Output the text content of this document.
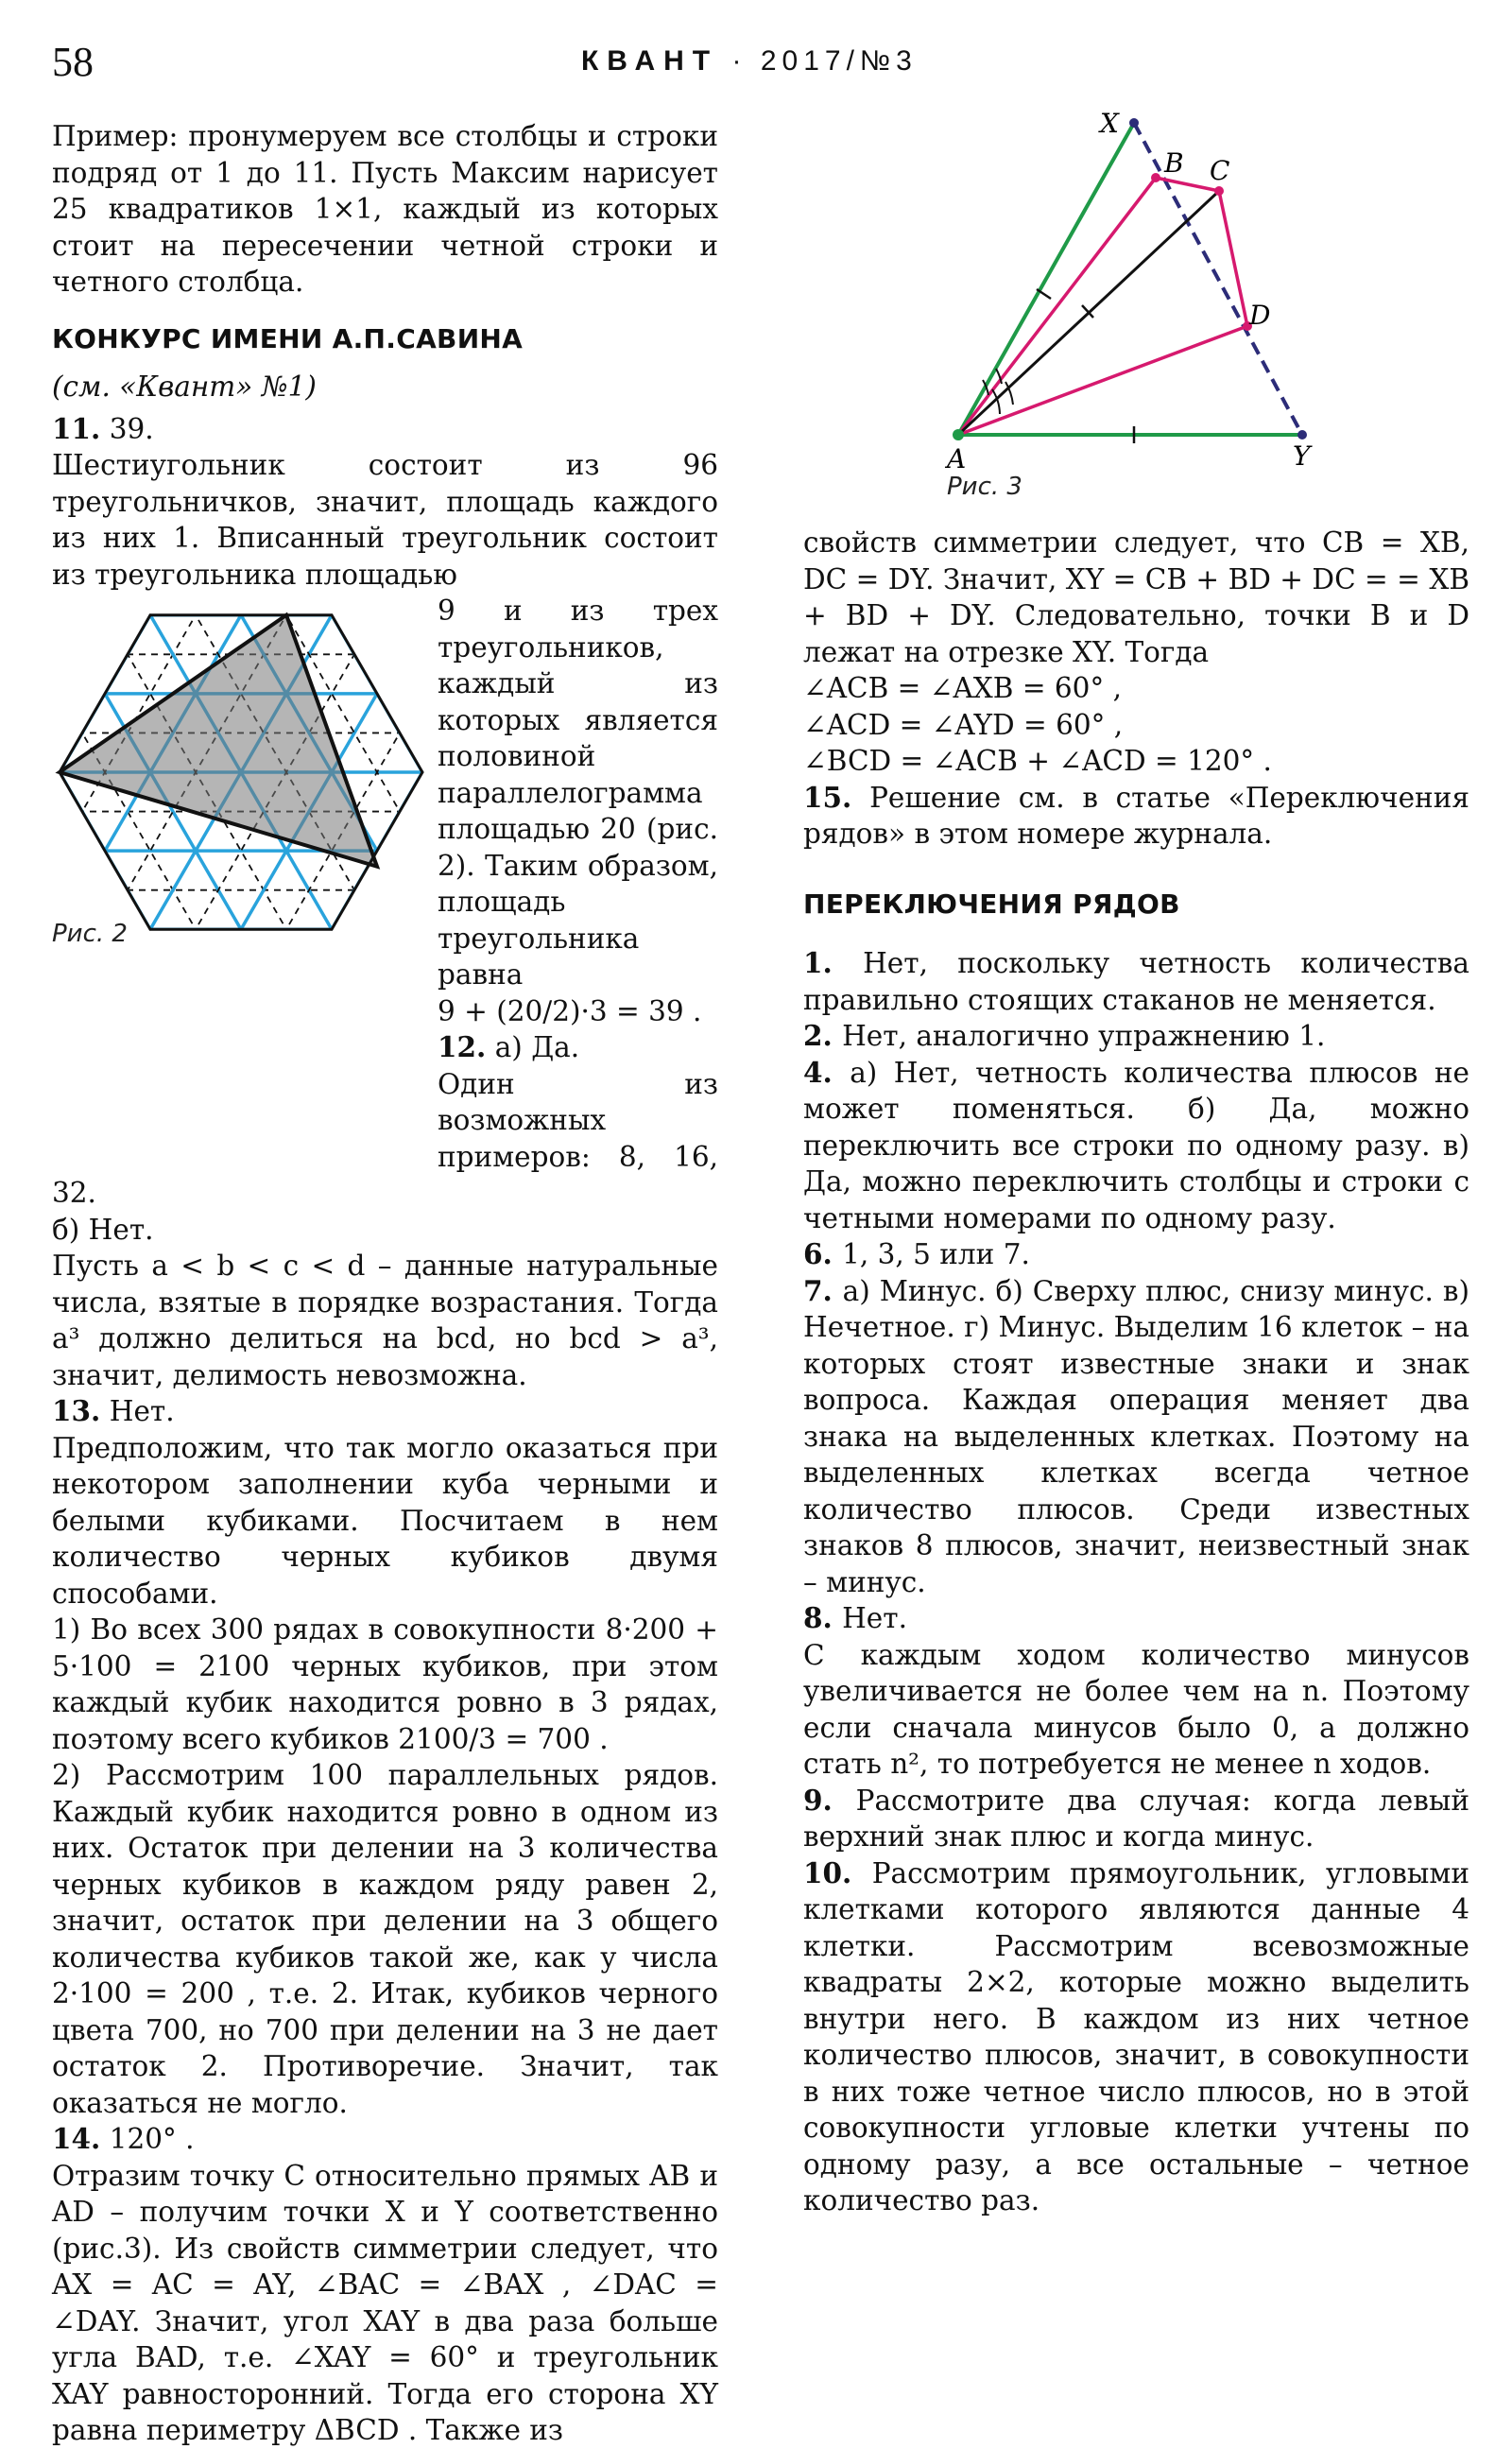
58	КВАНТ · 2017/№3

Пример: пронумеруем все столбцы и строки подряд от 1 до 11. Пусть Максим нарисует 25 квадратиков 1×1, каждый из которых стоит на пересечении четной строки и четного столбца.

КОНКУРС ИМЕНИ А.П.САВИНА

(см. «Квант» №1)

11. 39.

Шестиугольник состоит из 96 треугольничков, значит, площадь каждого из них 1. Вписанный треугольник состоит из треугольника площадью

Рис. 2

9 и из трех треугольников, каждый из которых является половиной параллелограмма площадью 20 (рис. 2). Таким образом, площадь треугольника равна

9 + (20/2)·3 = 39 .

12. а) Да.

Один из возможных примеров: 8, 16, 32.

б) Нет.

Пусть a < b < c < d – данные натуральные числа, взятые в порядке возрастания. Тогда a³ должно делиться на bcd, но bcd > a³, значит, делимость невозможна.

13. Нет.

Предположим, что так могло оказаться при некотором заполнении куба черными и белыми кубиками. Посчитаем в нем количество черных кубиков двумя способами.

1) Во всех 300 рядах в совокупности 8·200 + 5·100 = 2100 черных кубиков, при этом каждый кубик находится ровно в 3 рядах, поэтому всего кубиков 2100/3 = 700 .

2) Рассмотрим 100 параллельных рядов. Каждый кубик находится ровно в одном из них. Остаток при делении на 3 количества черных кубиков в каждом ряду равен 2, значит, остаток при делении на 3 общего количества кубиков такой же, как у числа 2·100 = 200 , т.е. 2. Итак, кубиков черного цвета 700, но 700 при делении на 3 не дает остаток 2. Противоречие. Значит, так оказаться не могло.

14. 120° .

Отразим точку C относительно прямых AB и AD – получим точки X и Y соответственно (рис.3). Из свойств симметрии следует, что AX = AC = AY, ∠BAC = ∠BAX , ∠DAC = ∠DAY. Значит, угол XAY в два раза больше угла BAD, т.е. ∠XAY = 60° и треугольник XAY равносторонний. Тогда его сторона XY равна периметру ΔBCD . Также из

X
B C
D
A	Y
Рис. 3

свойств симметрии следует, что CB = XB, DC = DY. Значит, XY = CB + BD + DC = = XB + BD + DY. Следовательно, точки B и D лежат на отрезке XY. Тогда

∠ACB = ∠AXB = 60° ,

∠ACD = ∠AYD = 60° ,

∠BCD = ∠ACB + ∠ACD = 120° .

15. Решение см. в статье «Переключения рядов» в этом номере журнала.

ПЕРЕКЛЮЧЕНИЯ РЯДОВ

1. Нет, поскольку четность количества правильно стоящих стаканов не меняется.

2. Нет, аналогично упражнению 1.

4. а) Нет, четность количества плюсов не может поменяться. б) Да, можно переключить все строки по одному разу. в) Да, можно переключить столбцы и строки с четными номерами по одному разу.

6. 1, 3, 5 или 7.

7. а) Минус. б) Сверху плюс, снизу минус. в) Нечетное. г) Минус. Выделим 16 клеток – на которых стоят известные знаки и знак вопроса. Каждая операция меняет два знака на выделенных клетках. Поэтому на выделенных клетках всегда четное количество плюсов. Среди известных знаков 8 плюсов, значит, неизвестный знак – минус.

8. Нет.

С каждым ходом количество минусов увеличивается не более чем на n. Поэтому если сначала минусов было 0, а должно стать n², то потребуется не менее n ходов.

9. Рассмотрите два случая: когда левый верхний знак плюс и когда минус.

10. Рассмотрим прямоугольник, угловыми клетками которого являются данные 4 клетки. Рассмотрим всевозможные квадраты 2×2, которые можно выделить внутри него. В каждом из них четное количество плюсов, значит, в совокупности в них тоже четное число плюсов, но в этой совокупности угловые клетки учтены по одному разу, а все остальные – четное количество раз.
